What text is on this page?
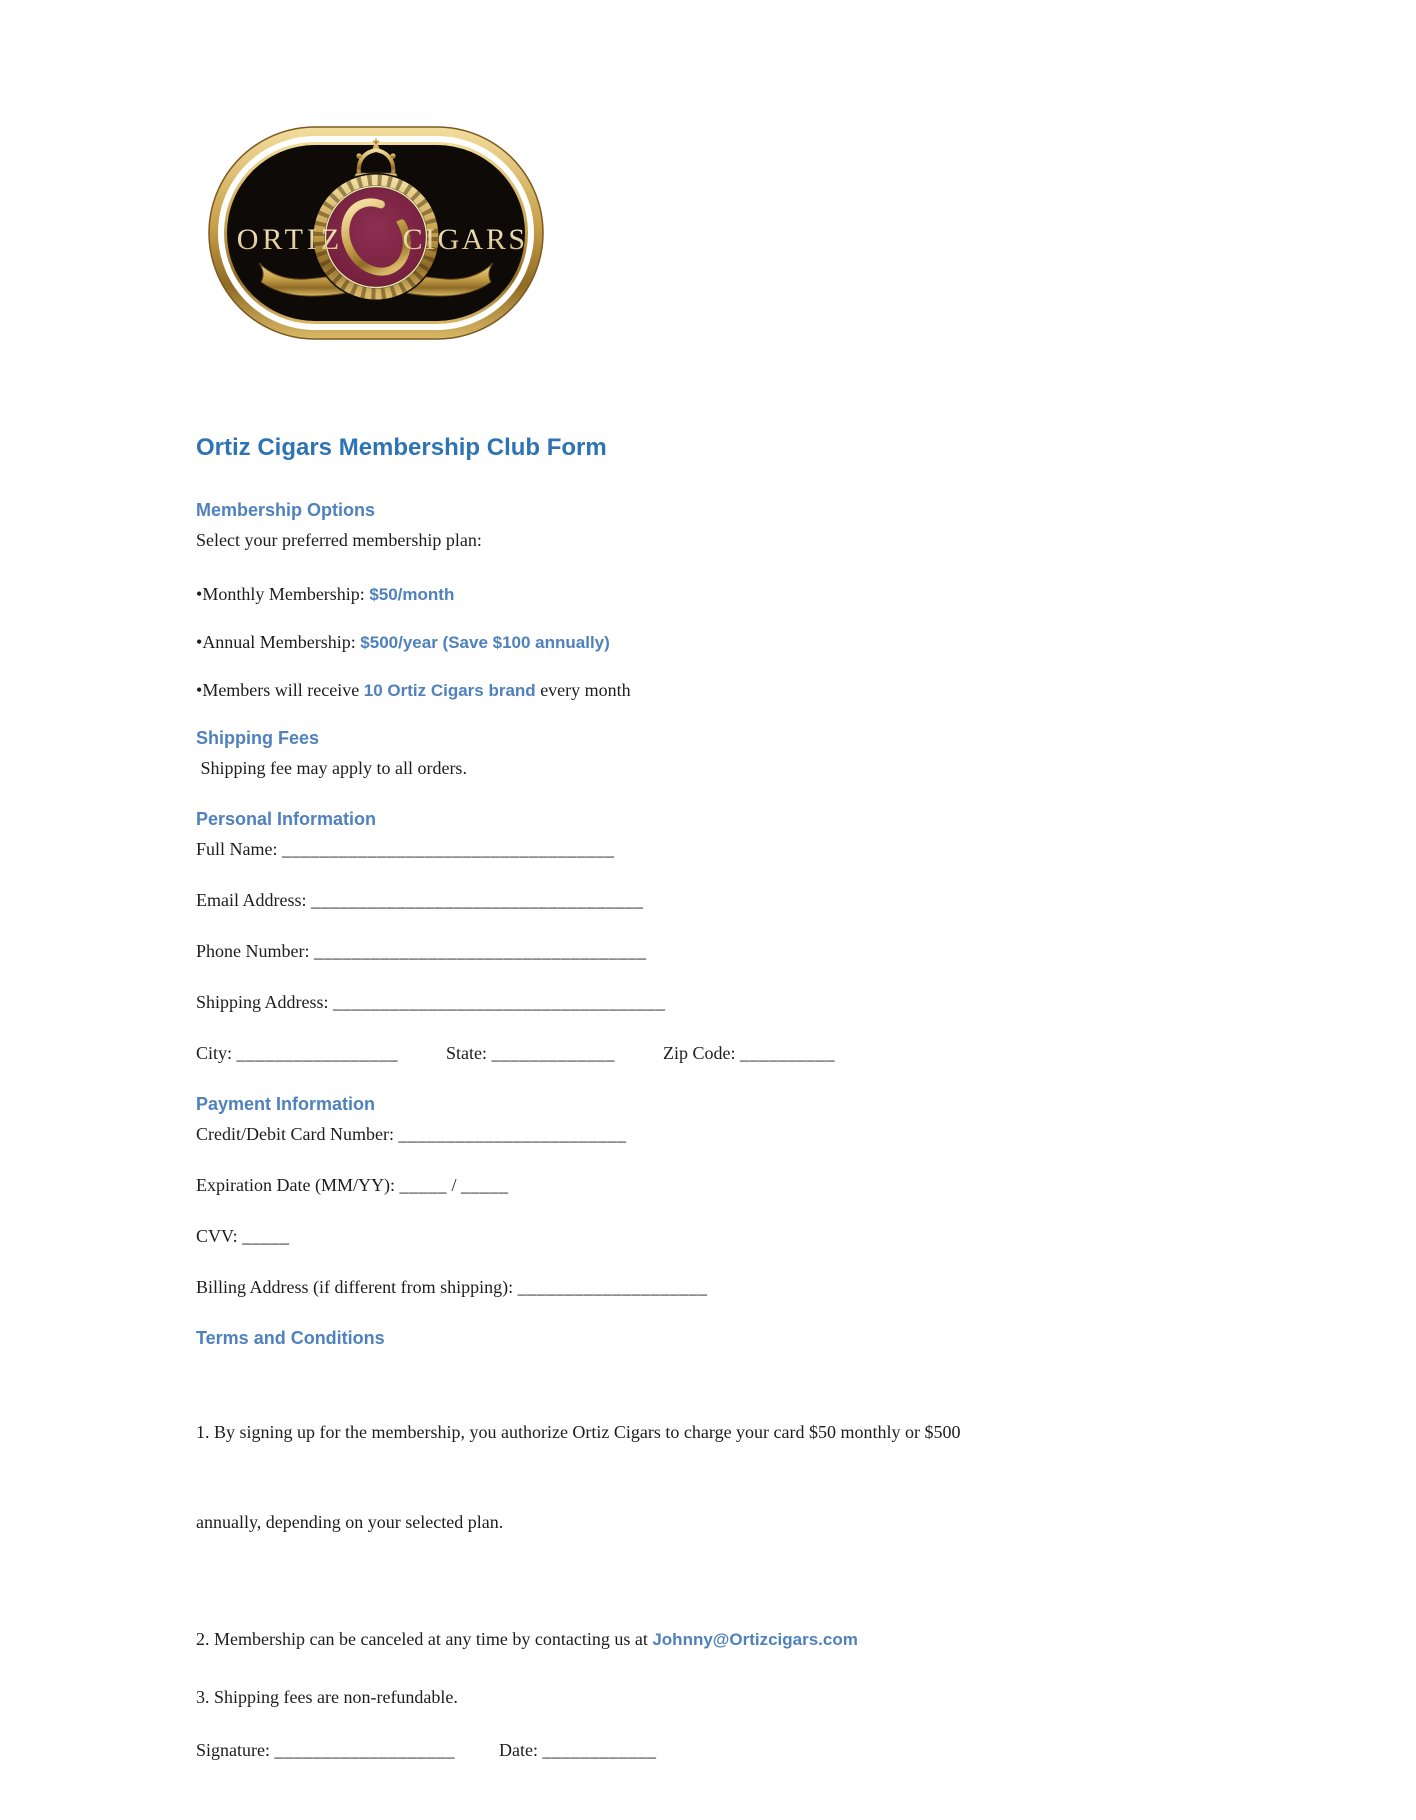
ORTIZ CIGARS
Ortiz Cigars Membership Club Form
Membership Options

Select your preferred membership plan:

•Monthly Membership: $50/month

•Annual Membership: $500/year (Save $100 annually)

•Members will receive 10 Ortiz Cigars brand every month

Shipping Fees

Shipping fee may apply to all orders.

Personal Information

Full Name: ___________________________________

Email Address: ___________________________________

Phone Number: ___________________________________

Shipping Address: ___________________________________

City: _________________	State: _____________	Zip Code: __________

Payment Information

Credit/Debit Card Number: ________________________

Expiration Date (MM/YY): _____ / _____

CVV: _____

Billing Address (if different from shipping): ____________________

Terms and Conditions

1. By signing up for the membership, you authorize Ortiz Cigars to charge your card $50 monthly or $500

annually, depending on your selected plan.

2. Membership can be canceled at any time by contacting us at Johnny@Ortizcigars.com
3. Shipping fees are non-refundable.

Signature: ___________________ Date: ____________
